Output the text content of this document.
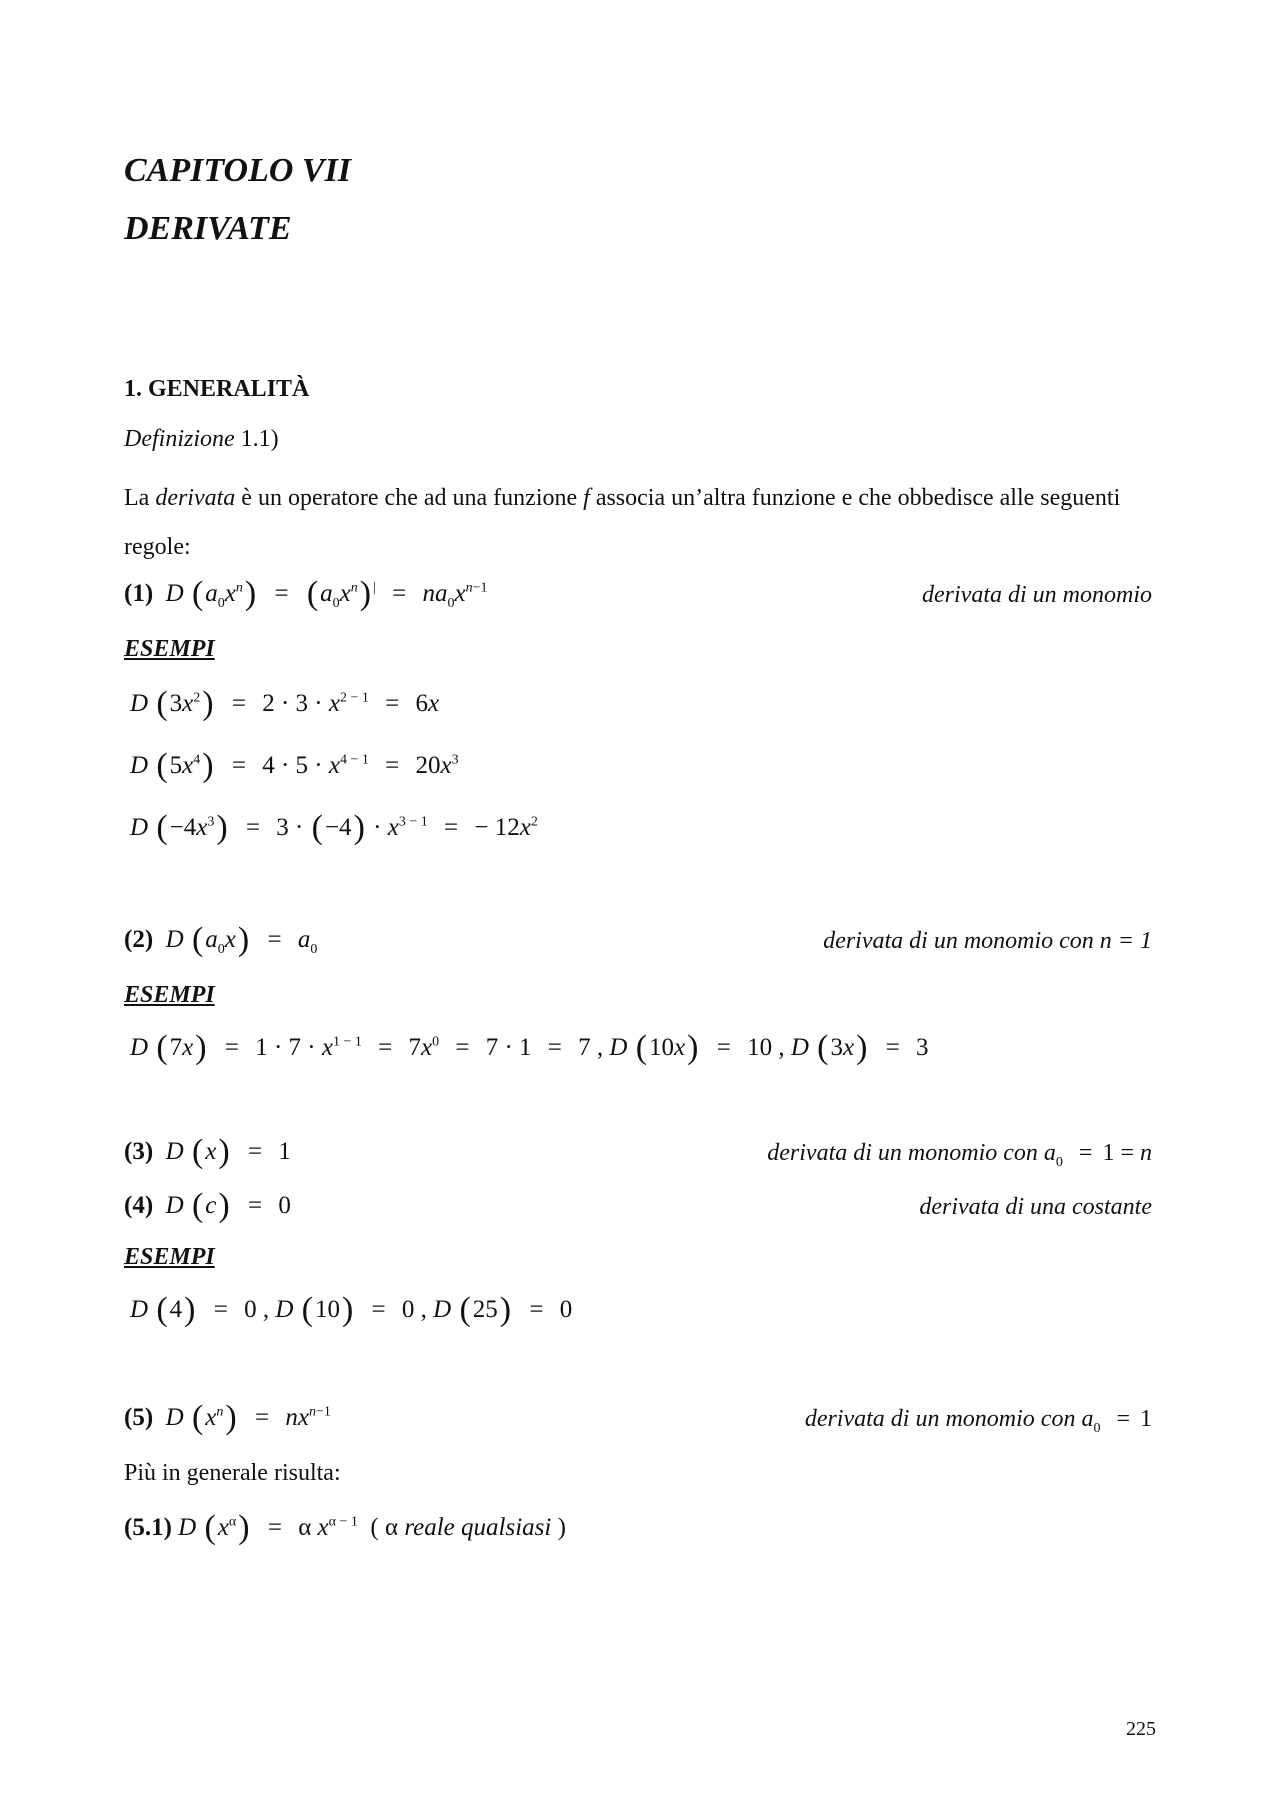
CAPITOLO VII
DERIVATE
1. GENERALITÀ
Definizione 1.1)
La derivata è un operatore che ad una funzione f associa un’altra funzione e che obbedisce alle seguenti
regole:
(1) D $(a_0x^n) = (a_0x^n) ^| = na_0x^{n-1}$	derivata di un monomio
ESEMPI
D $(3x^2) = 2 \cdot 3 \cdot x^{2 - 1} = 6x$
D $(5x^4) = 4 \cdot 5 \cdot x^{4 - 1} = 20x^3$
D $(-4x^3) = 3 \cdot (-4) \cdot x^{3 - 1}$ = − $12x^2$
(2) D $(a_0x) = a_0$	derivata di un monomio con n = 1
ESEMPI
D $(7x) = 1 \cdot 7 \cdot x^{1 - 1} = 7x^0 = 7 \cdot 1 = 7$ , D (10x) = 10 , D (3x) = 3
(3) D (x) = 1	derivata di un monomio con $a_0 = 1 = n$
(4) D (c) = 0	derivata di una costante
ESEMPI
D (4) = 0 , D (10) = 0 , D (25) = 0
(5) D $(x^n) = nx^{n-1}$	derivata di un monomio con $a_0 = 1$
Più in generale risulta:
(5.1) D $(x^\alpha) = \alpha$ $x^{\alpha - 1}$  ( α reale qualsiasi )
225
